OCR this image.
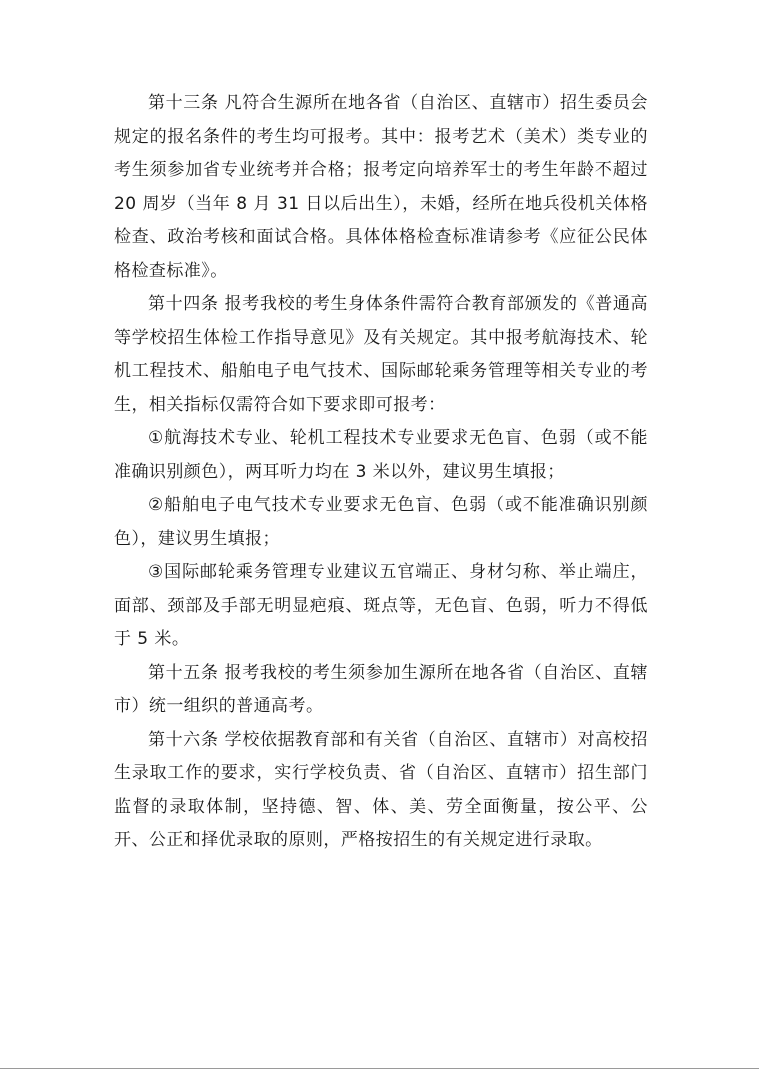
第十三条 凡符合生源所在地各省（自治区、直辖市）招生委员会规定的报名条件的考生均可报考。其中：报考艺术（美术）类专业的考生须参加省专业统考并合格；报考定向培养军士的考生年龄不超过 20 周岁（当年 8 月 31 日以后出生），未婚，经所在地兵役机关体格检查、政治考核和面试合格。具体体格检查标准请参考《应征公民体格检查标准》。

第十四条 报考我校的考生身体条件需符合教育部颁发的《普通高等学校招生体检工作指导意见》及有关规定。其中报考航海技术、轮机工程技术、船舶电子电气技术、国际邮轮乘务管理等相关专业的考生，相关指标仅需符合如下要求即可报考：

①航海技术专业、轮机工程技术专业要求无色盲、色弱（或不能准确识别颜色），两耳听力均在 3 米以外，建议男生填报；

②船舶电子电气技术专业要求无色盲、色弱（或不能准确识别颜色），建议男生填报；

③国际邮轮乘务管理专业建议五官端正、身材匀称、举止端庄，面部、颈部及手部无明显疤痕、斑点等，无色盲、色弱，听力不得低于 5 米。

第十五条 报考我校的考生须参加生源所在地各省（自治区、直辖市）统一组织的普通高考。

第十六条 学校依据教育部和有关省（自治区、直辖市）对高校招生录取工作的要求，实行学校负责、省（自治区、直辖市）招生部门监督的录取体制，坚持德、智、体、美、劳全面衡量，按公平、公开、公正和择优录取的原则，严格按招生的有关规定进行录取。
